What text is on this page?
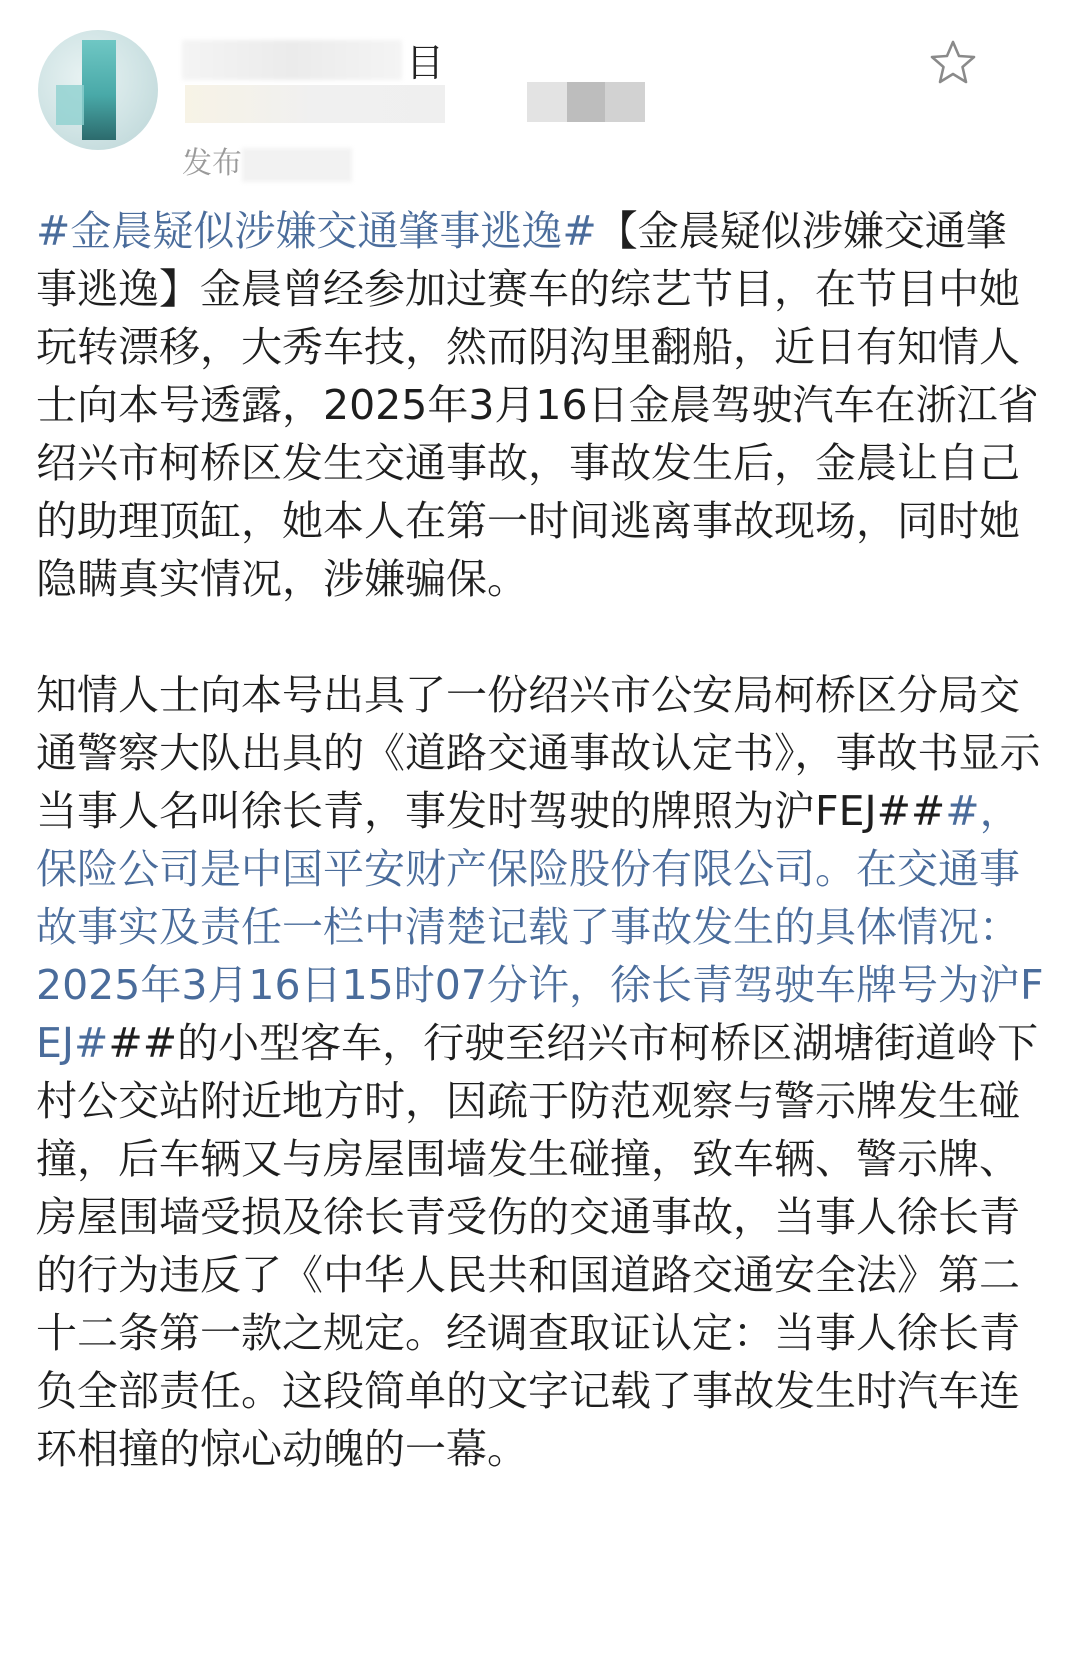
目
发布

#金晨疑似涉嫌交通肇事逃逸#【金晨疑似涉嫌交通肇事逃逸】金晨曾经参加过赛车的综艺节目，在节目中她玩转漂移，大秀车技，然而阴沟里翻船，近日有知情人士向本号透露，2025年3月16日金晨驾驶汽车在浙江省绍兴市柯桥区发生交通事故，事故发生后，金晨让自己的助理顶缸，她本人在第一时间逃离事故现场，同时她隐瞒真实情况，涉嫌骗保。

知情人士向本号出具了一份绍兴市公安局柯桥区分局交通警察大队出具的《道路交通事故认定书》，事故书显示当事人名叫徐长青，事发时驾驶的牌照为沪FEJ###，保险公司是中国平安财产保险股份有限公司。在交通事故事实及责任一栏中清楚记载了事故发生的具体情况：2025年3月16日15时07分许，徐长青驾驶车牌号为沪FEJ###的小型客车，行驶至绍兴市柯桥区湖塘街道岭下村公交站附近地方时，因疏于防范观察与警示牌发生碰撞，后车辆又与房屋围墙发生碰撞，致车辆、警示牌、房屋围墙受损及徐长青受伤的交通事故，当事人徐长青的行为违反了《中华人民共和国道路交通安全法》第二十二条第一款之规定。经调查取证认定：当事人徐长青负全部责任。这段简单的文字记载了事故发生时汽车连环相撞的惊心动魄的一幕。
